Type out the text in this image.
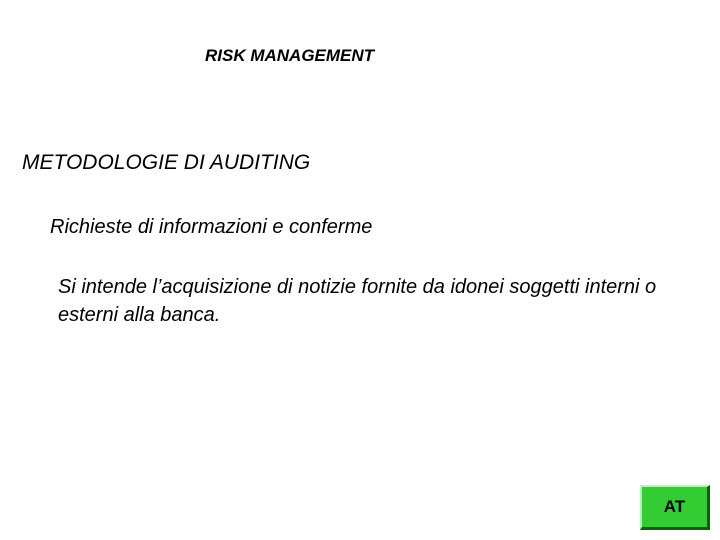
RISK MANAGEMENT
METODOLOGIE DI AUDITING
Richieste di informazioni e conferme
Si intende l’acquisizione di notizie fornite da idonei soggetti interni o esterni alla banca.
AT
